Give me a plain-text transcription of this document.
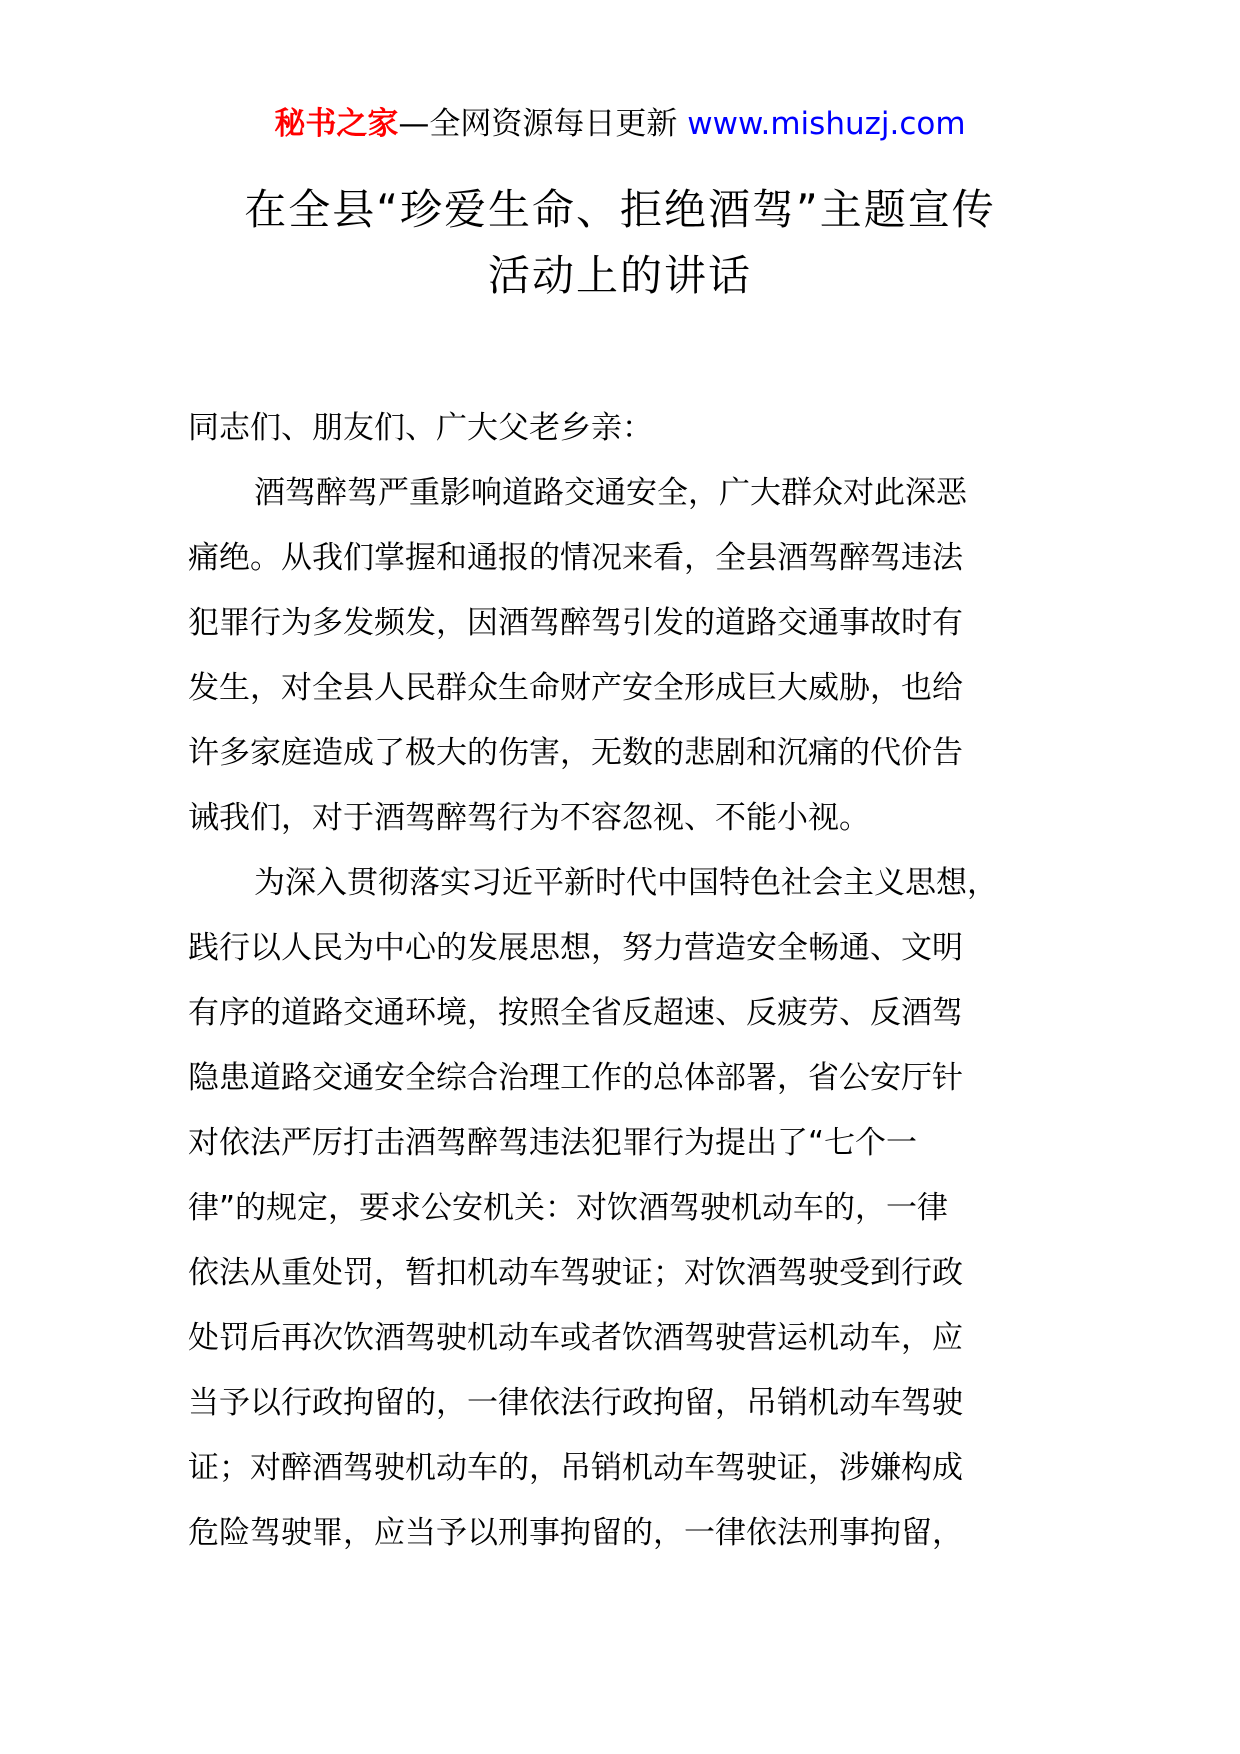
秘书之家—全网资源每日更新 www.mishuzj.com
在全县“珍爱生命、拒绝酒驾”主题宣传
活动上的讲话

同志们、朋友们、广大父老乡亲：

酒驾醉驾严重影响道路交通安全，广大群众对此深恶

痛绝。从我们掌握和通报的情况来看，全县酒驾醉驾违法

犯罪行为多发频发，因酒驾醉驾引发的道路交通事故时有

发生，对全县人民群众生命财产安全形成巨大威胁，也给

许多家庭造成了极大的伤害，无数的悲剧和沉痛的代价告

诫我们，对于酒驾醉驾行为不容忽视、不能小视。

为深入贯彻落实习近平新时代中国特色社会主义思想，

践行以人民为中心的发展思想，努力营造安全畅通、文明

有序的道路交通环境，按照全省反超速、反疲劳、反酒驾

隐患道路交通安全综合治理工作的总体部署，省公安厅针

对依法严厉打击酒驾醉驾违法犯罪行为提出了“七个一

律”的规定，要求公安机关：对饮酒驾驶机动车的，一律

依法从重处罚，暂扣机动车驾驶证；对饮酒驾驶受到行政

处罚后再次饮酒驾驶机动车或者饮酒驾驶营运机动车，应

当予以行政拘留的，一律依法行政拘留，吊销机动车驾驶

证；对醉酒驾驶机动车的，吊销机动车驾驶证，涉嫌构成

危险驾驶罪，应当予以刑事拘留的，一律依法刑事拘留，
